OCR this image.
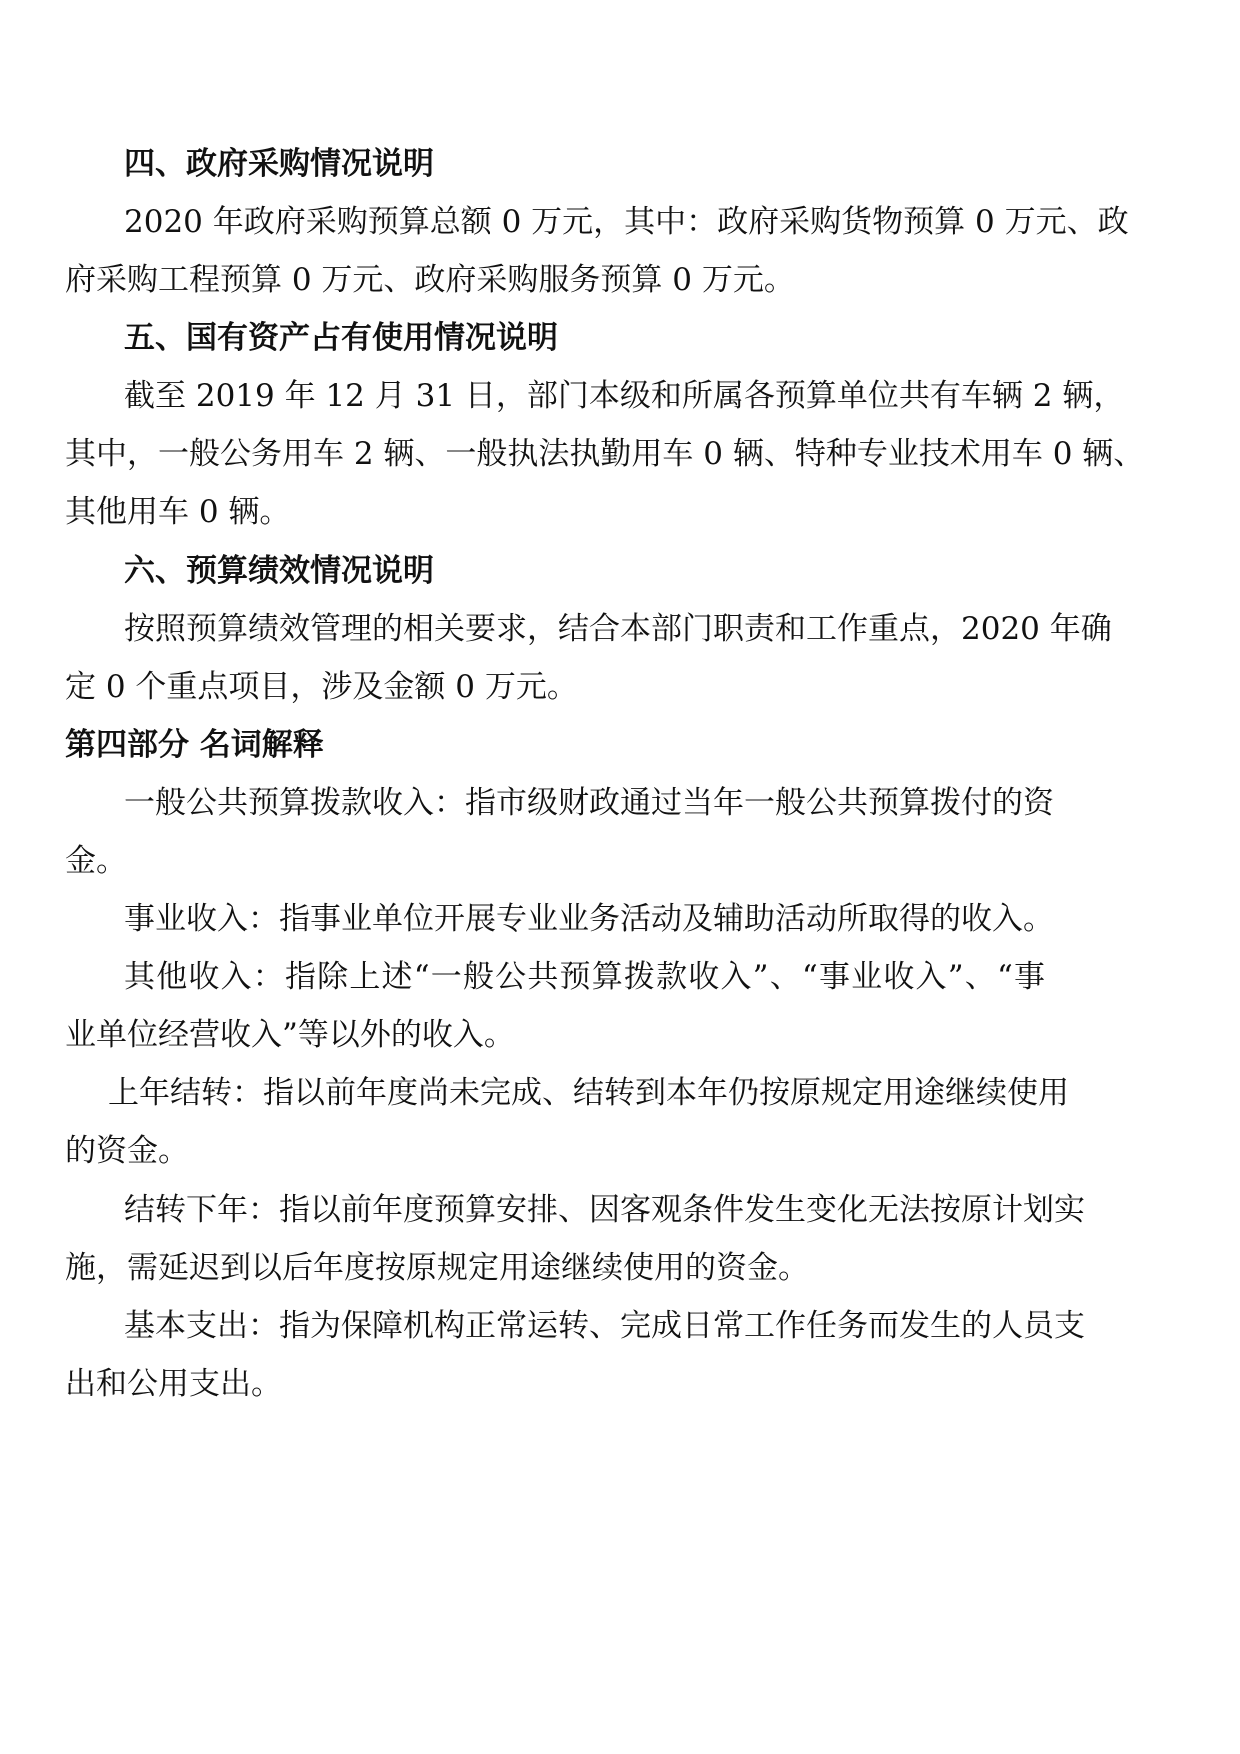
四、政府采购情况说明
2020 年政府采购预算总额 0 万元，其中：政府采购货物预算 0 万元、政
府采购工程预算 0 万元、政府采购服务预算 0 万元。
五、国有资产占有使用情况说明
截至 2019 年 12 月 31 日，部门本级和所属各预算单位共有车辆 2 辆，
其中，一般公务用车 2 辆、一般执法执勤用车 0 辆、特种专业技术用车 0 辆、
其他用车 0 辆。
六、预算绩效情况说明
按照预算绩效管理的相关要求，结合本部门职责和工作重点，2020 年确
定 0 个重点项目，涉及金额 0 万元。
第四部分 名词解释
一般公共预算拨款收入：指市级财政通过当年一般公共预算拨付的资
金。
事业收入：指事业单位开展专业业务活动及辅助活动所取得的收入。
其他收入：指除上述“一般公共预算拨款收入”、“事业收入”、“事
业单位经营收入”等以外的收入。
上年结转：指以前年度尚未完成、结转到本年仍按原规定用途继续使用
的资金。
结转下年：指以前年度预算安排、因客观条件发生变化无法按原计划实
施，需延迟到以后年度按原规定用途继续使用的资金。
基本支出：指为保障机构正常运转、完成日常工作任务而发生的人员支
出和公用支出。
